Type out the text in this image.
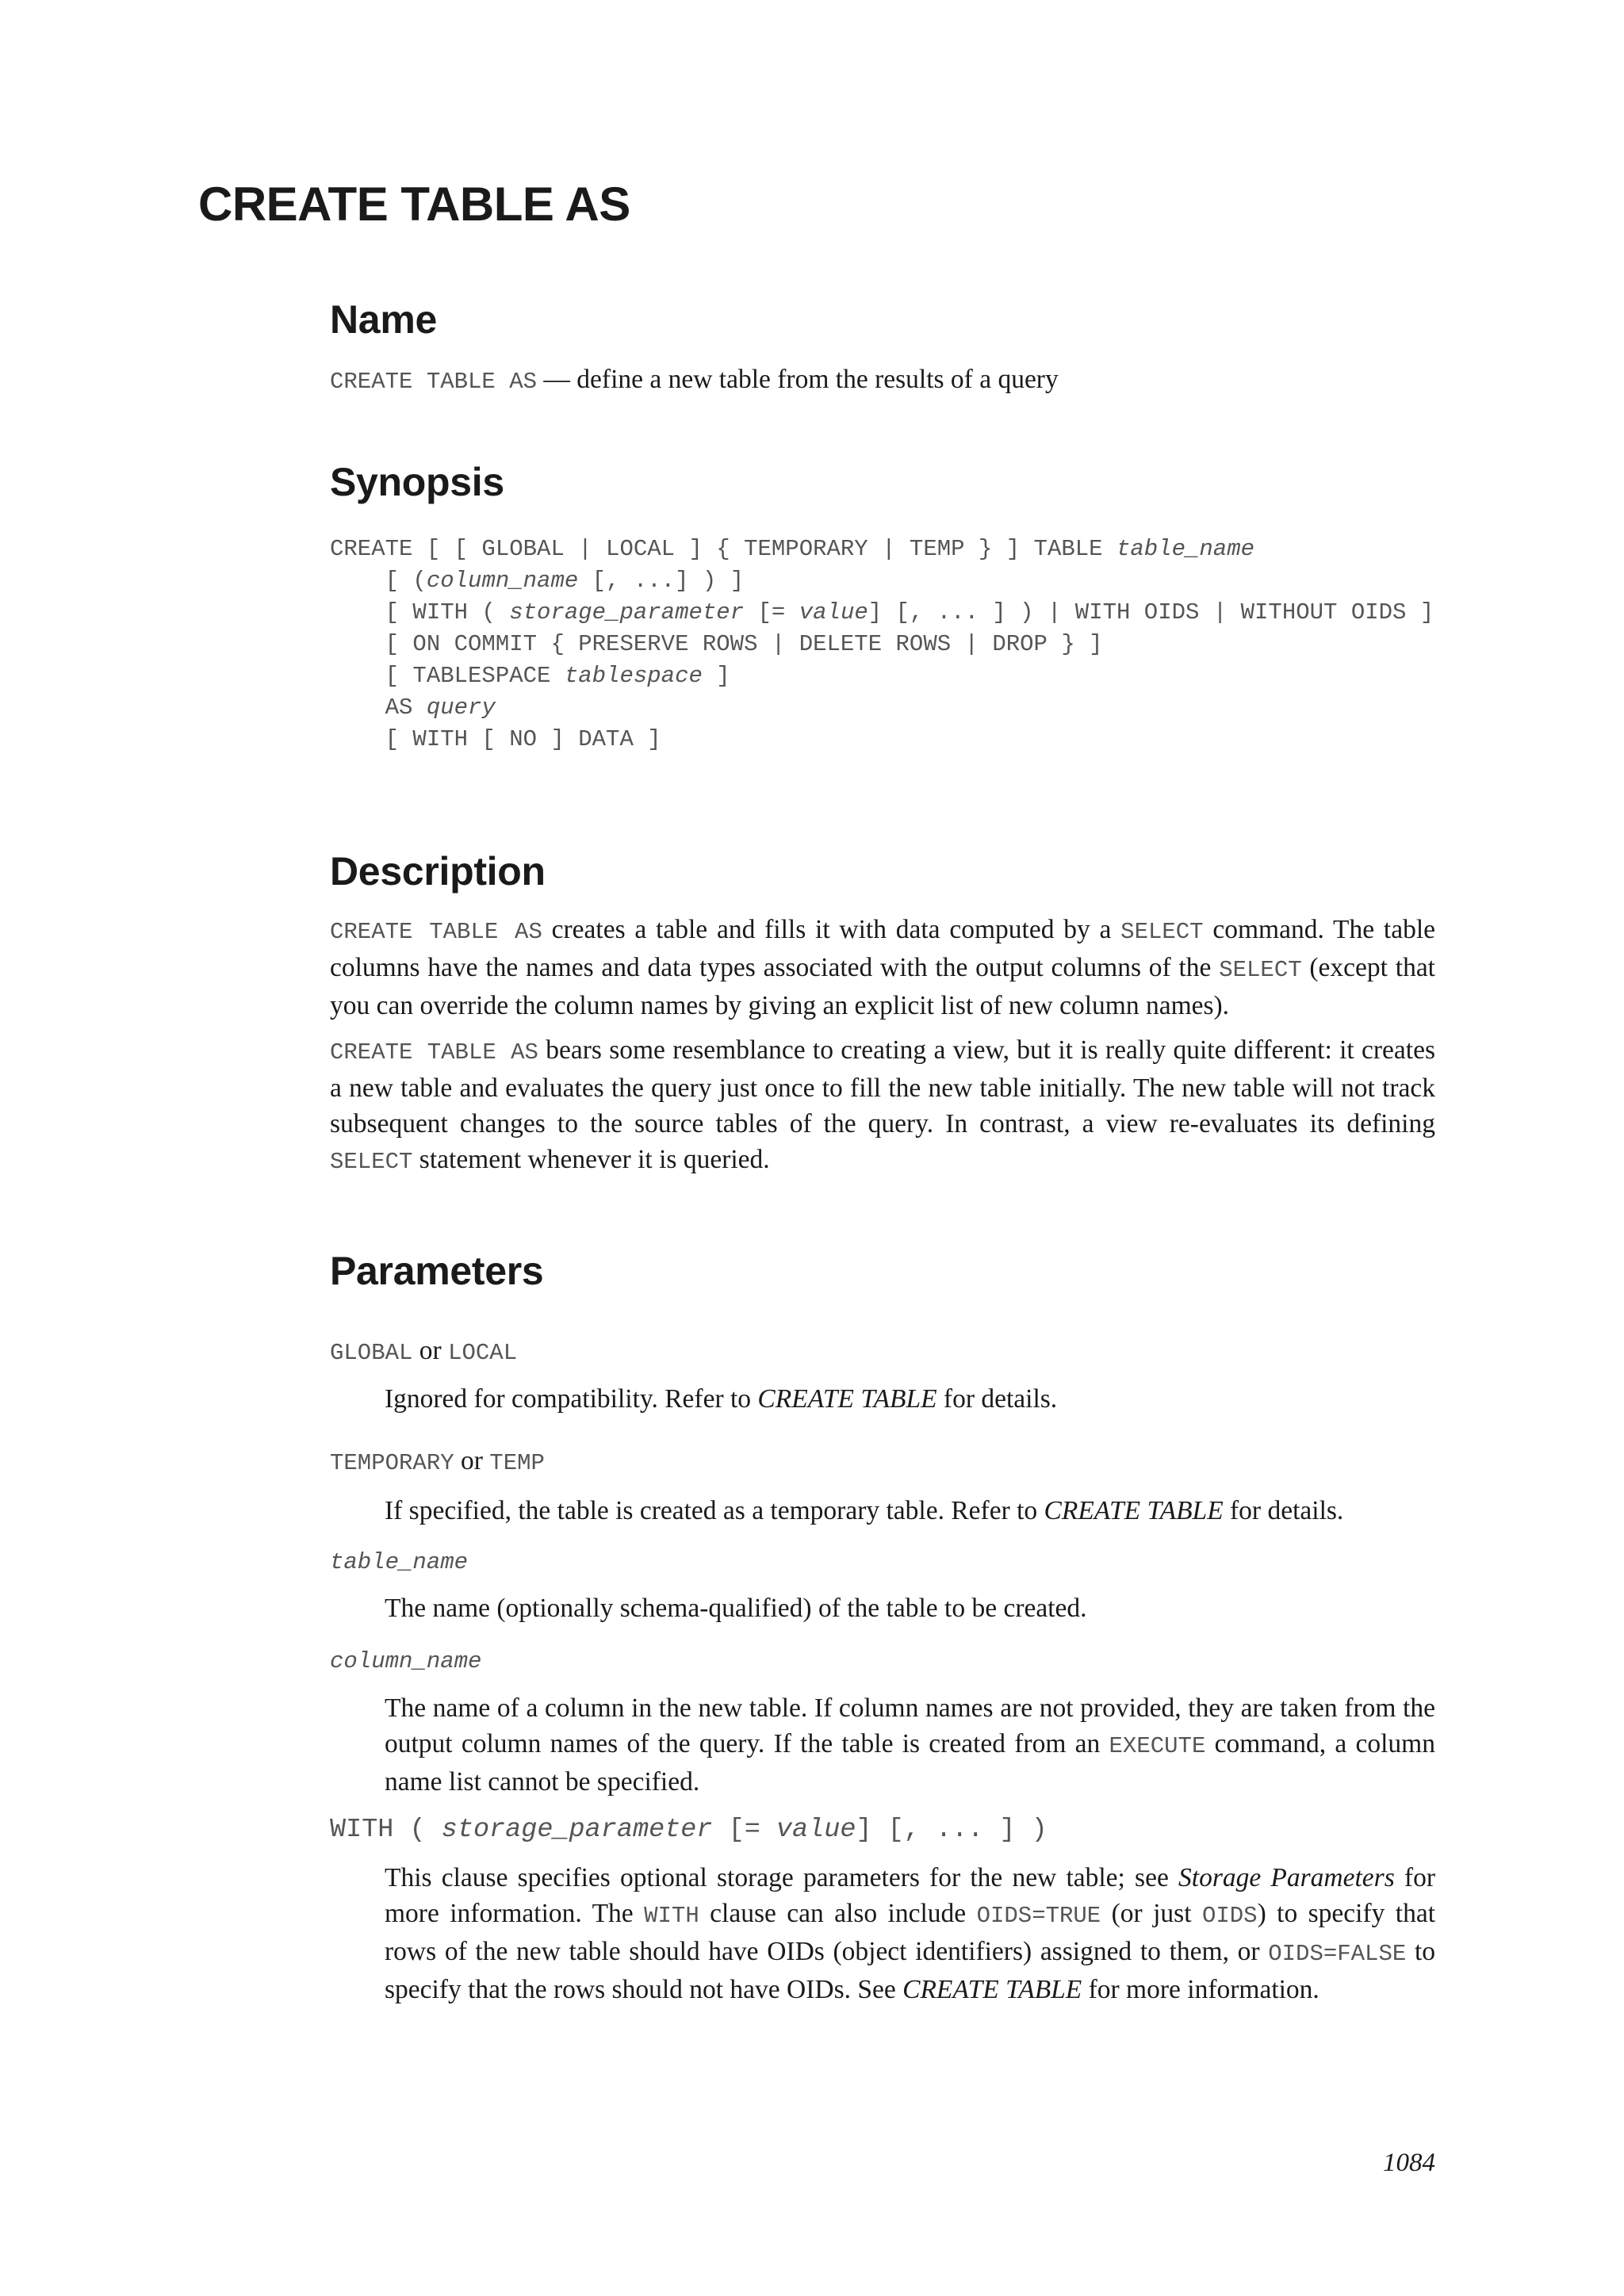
CREATE TABLE AS
Name

CREATE TABLE AS — define a new table from the results of a query

Synopsis
CREATE [ [ GLOBAL | LOCAL ] { TEMPORARY | TEMP } ] TABLE table_name
[ (column_name [, ...] ) ]
[ WITH ( storage_parameter [= value] [, ... ] ) | WITH OIDS | WITHOUT OIDS ]
[ ON COMMIT { PRESERVE ROWS | DELETE ROWS | DROP } ]
[ TABLESPACE tablespace ]
AS query
[ WITH [ NO ] DATA ]
Description

CREATE TABLE AS creates a table and fills it with data computed by a SELECT command. The table columns have the names and data types associated with the output columns of the SELECT (except that you can override the column names by giving an explicit list of new column names).

CREATE TABLE AS bears some resemblance to creating a view, but it is really quite different: it creates a new table and evaluates the query just once to fill the new table initially. The new table will not track subsequent changes to the source tables of the query. In contrast, a view re-evaluates its defining SELECT statement whenever it is queried.

Parameters
GLOBAL or LOCAL

Ignored for compatibility. Refer to CREATE TABLE for details.

TEMPORARY or TEMP

If specified, the table is created as a temporary table. Refer to CREATE TABLE for details.

table_name

The name (optionally schema-qualified) of the table to be created.

column_name

The name of a column in the new table. If column names are not provided, they are taken from the output column names of the query. If the table is created from an EXECUTE command, a column name list cannot be specified.

WITH ( storage_parameter [= value] [, ... ] )

This clause specifies optional storage parameters for the new table; see Storage Parameters for more information. The WITH clause can also include OIDS=TRUE (or just OIDS) to specify that rows of the new table should have OIDs (object identifiers) assigned to them, or OIDS=FALSE to specify that the rows should not have OIDs. See CREATE TABLE for more information.

1084
